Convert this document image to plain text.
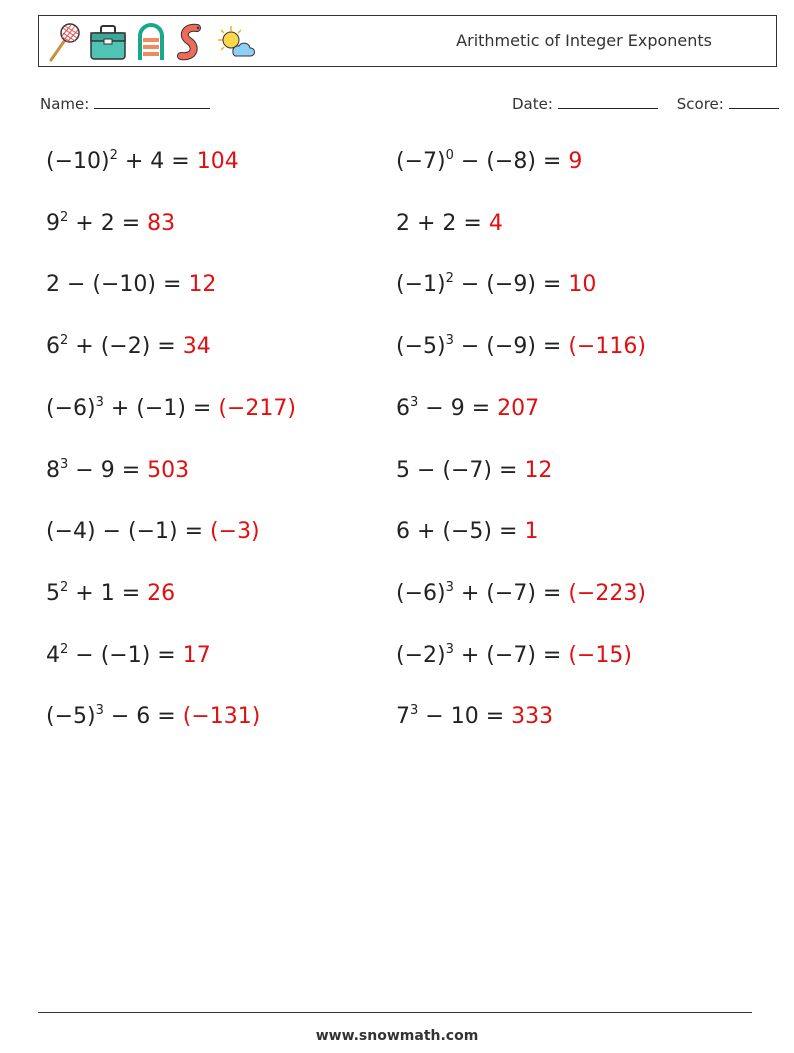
Arithmetic of Integer Exponents
Name:	Date:	Score:
$(-10)^2 + 4 = 104$	$(-7)^0 - (-8) = 9$
$9^2 + 2 = 83$	2 + 2 = 4
2 − (−10) = 12	$(-1)^2 - (-9) = 10$
$6^2 + (-2) = 34$	$(-5)^3 - (-9) = (-116)$
$(-6)^3 + (-1) = (-217)$	$6^3 - 9 = 207$
$8^3 - 9 = 503$	5 − (−7) = 12
(−4) − (−1) = (−3)	6 + (−5) = 1
$5^2 + 1 = 26$	$(-6)^3 + (-7) = (-223)$
$4^2 - (-1) = 17$	$(-2)^3 + (-7) = (-15)$
$(-5)^3 - 6 = (-131)$	$7^3 - 10 = 333$
www.snowmath.com
